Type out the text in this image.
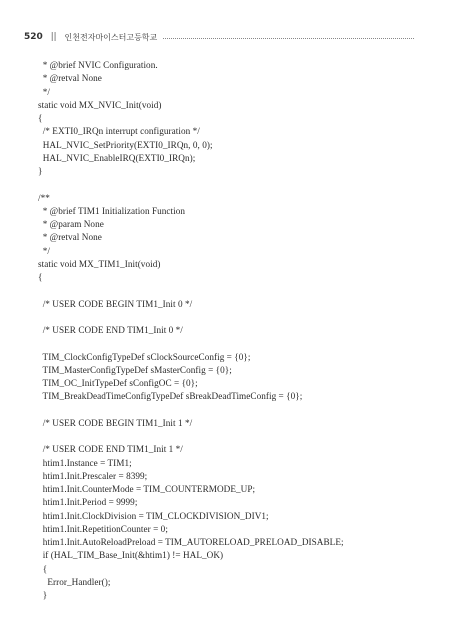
520 || 인천전자마이스터고등학교
* @brief NVIC Configuration.
* @retval None
*/
static void MX_NVIC_Init(void)
{
/* EXTI0_IRQn interrupt configuration */
HAL_NVIC_SetPriority(EXTI0_IRQn, 0, 0);
HAL_NVIC_EnableIRQ(EXTI0_IRQn);
}
/**
* @brief TIM1 Initialization Function
* @param None
* @retval None
*/
static void MX_TIM1_Init(void)
{
/* USER CODE BEGIN TIM1_Init 0 */
/* USER CODE END TIM1_Init 0 */
TIM_ClockConfigTypeDef sClockSourceConfig = {0};
TIM_MasterConfigTypeDef sMasterConfig = {0};
TIM_OC_InitTypeDef sConfigOC = {0};
TIM_BreakDeadTimeConfigTypeDef sBreakDeadTimeConfig = {0};
/* USER CODE BEGIN TIM1_Init 1 */
/* USER CODE END TIM1_Init 1 */
htim1.Instance = TIM1;
htim1.Init.Prescaler = 8399;
htim1.Init.CounterMode = TIM_COUNTERMODE_UP;
htim1.Init.Period = 9999;
htim1.Init.ClockDivision = TIM_CLOCKDIVISION_DIV1;
htim1.Init.RepetitionCounter = 0;
htim1.Init.AutoReloadPreload = TIM_AUTORELOAD_PRELOAD_DISABLE;
if (HAL_TIM_Base_Init(&htim1) != HAL_OK)
{
Error_Handler();
}
